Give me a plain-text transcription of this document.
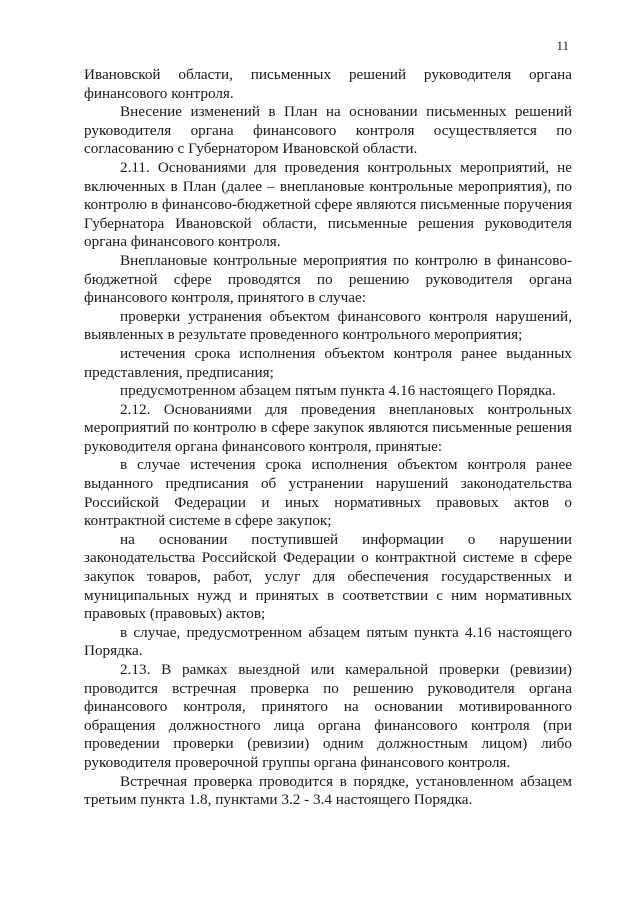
11

Ивановской области, письменных решений руководителя органа финансового контроля.

Внесение изменений в План на основании письменных решений руководителя органа финансового контроля осуществляется по согласованию с Губернатором Ивановской области.

2.11. Основаниями для проведения контрольных мероприятий, не включенных в План (далее – внеплановые контрольные мероприятия), по контролю в финансово-бюджетной сфере являются письменные поручения Губернатора Ивановской области, письменные решения руководителя органа финансового контроля.

Внеплановые контрольные мероприятия по контролю в финансово-бюджетной сфере проводятся по решению руководителя органа финансового контроля, принятого в случае:

проверки устранения объектом финансового контроля нарушений, выявленных в результате проведенного контрольного мероприятия;

истечения срока исполнения объектом контроля ранее выданных представления, предписания;

предусмотренном абзацем пятым пункта 4.16 настоящего Порядка.

2.12. Основаниями для проведения внеплановых контрольных мероприятий по контролю в сфере закупок являются письменные решения руководителя органа финансового контроля, принятые:

в случае истечения срока исполнения объектом контроля ранее выданного предписания об устранении нарушений законодательства Российской Федерации и иных нормативных правовых актов о контрактной системе в сфере закупок;

на основании поступившей информации о нарушении законодательства Российской Федерации о контрактной системе в сфере закупок товаров, работ, услуг для обеспечения государственных и муниципальных нужд и принятых в соответствии с ним нормативных правовых (правовых) актов;

в случае, предусмотренном абзацем пятым пункта 4.16 настоящего Порядка.

2.13. В рамках выездной или камеральной проверки (ревизии) проводится встречная проверка по решению руководителя органа финансового контроля, принятого на основании мотивированного обращения должностного лица органа финансового контроля (при проведении проверки (ревизии) одним должностным лицом) либо руководителя проверочной группы органа финансового контроля.

Встречная проверка проводится в порядке, установленном абзацем третьим пункта 1.8, пунктами 3.2 - 3.4 настоящего Порядка.
